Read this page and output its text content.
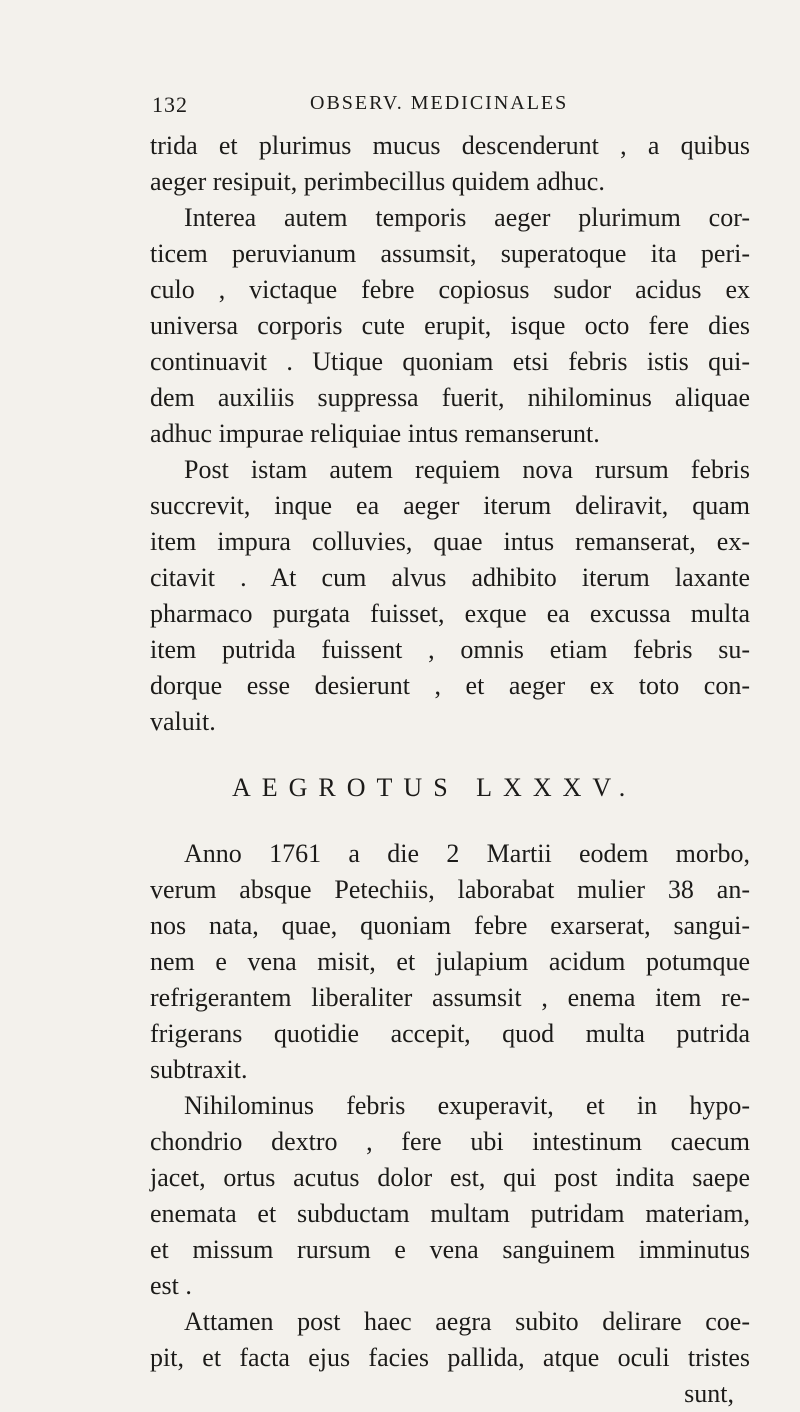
132	OBSERV. MEDICINALES
trida et plurimus mucus descenderunt , a quibus
aeger resipuit, perimbecillus quidem adhuc.
Interea autem temporis aeger plurimum cor-
ticem peruvianum assumsit, superatoque ita peri-
culo , victaque febre copiosus sudor acidus ex
universa corporis cute erupit, isque octo fere dies
continuavit . Utique quoniam etsi febris istis qui-
dem auxiliis suppressa fuerit, nihilominus aliquae
adhuc impurae reliquiae intus remanserunt.
Post istam autem requiem nova rursum febris
succrevit, inque ea aeger iterum deliravit, quam
item impura colluvies, quae intus remanserat, ex-
citavit . At cum alvus adhibito iterum laxante
pharmaco purgata fuisset, exque ea excussa multa
item putrida fuissent , omnis etiam febris su-
dorque esse desierunt , et aeger ex toto con-
valuit.
AEGROTUS LXXXV.
Anno 1761 a die 2 Martii eodem morbo,
verum absque Petechiis, laborabat mulier 38 an-
nos nata, quae, quoniam febre exarserat, sangui-
nem e vena misit, et julapium acidum potumque
refrigerantem liberaliter assumsit , enema item re-
frigerans quotidie accepit, quod multa putrida
subtraxit.
Nihilominus febris exuperavit, et in hypo-
chondrio dextro , fere ubi intestinum caecum
jacet, ortus acutus dolor est, qui post indita saepe
enemata et subductam multam putridam materiam,
et missum rursum e vena sanguinem imminutus
est .
Attamen post haec aegra subito delirare coe-
pit, et facta ejus facies pallida, atque oculi tristes
sunt,
